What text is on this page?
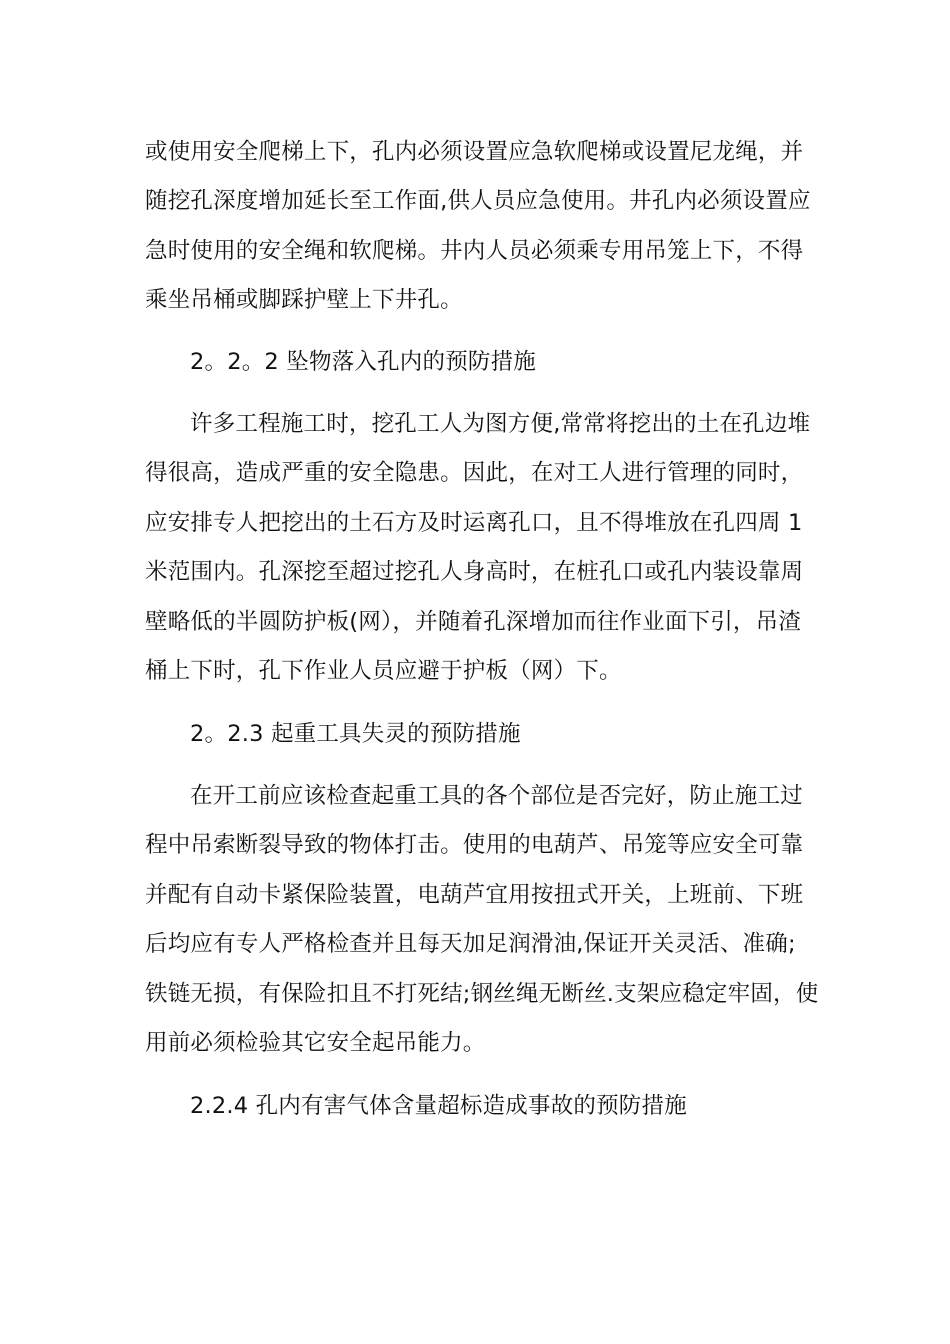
或使用安全爬梯上下，孔内必须设置应急软爬梯或设置尼龙绳，并
随挖孔深度增加延长至工作面,供人员应急使用。井孔内必须设置应
急时使用的安全绳和软爬梯。井内人员必须乘专用吊笼上下，不得
乘坐吊桶或脚踩护壁上下井孔。
2。2。2 坠物落入孔内的预防措施
许多工程施工时，挖孔工人为图方便,常常将挖出的土在孔边堆
得很高，造成严重的安全隐患。因此，在对工人进行管理的同时，
应安排专人把挖出的土石方及时运离孔口，且不得堆放在孔四周 1
米范围内。孔深挖至超过挖孔人身高时，在桩孔口或孔内装设靠周
壁略低的半圆防护板(网），并随着孔深增加而往作业面下引，吊渣
桶上下时，孔下作业人员应避于护板（网）下。
2。2.3 起重工具失灵的预防措施
在开工前应该检查起重工具的各个部位是否完好，防止施工过
程中吊索断裂导致的物体打击。使用的电葫芦、吊笼等应安全可靠
并配有自动卡紧保险装置，电葫芦宜用按扭式开关，上班前、下班
后均应有专人严格检查并且每天加足润滑油,保证开关灵活、准确;
铁链无损，有保险扣且不打死结;钢丝绳无断丝.支架应稳定牢固，使
用前必须检验其它安全起吊能力。
2.2.4 孔内有害气体含量超标造成事故的预防措施
